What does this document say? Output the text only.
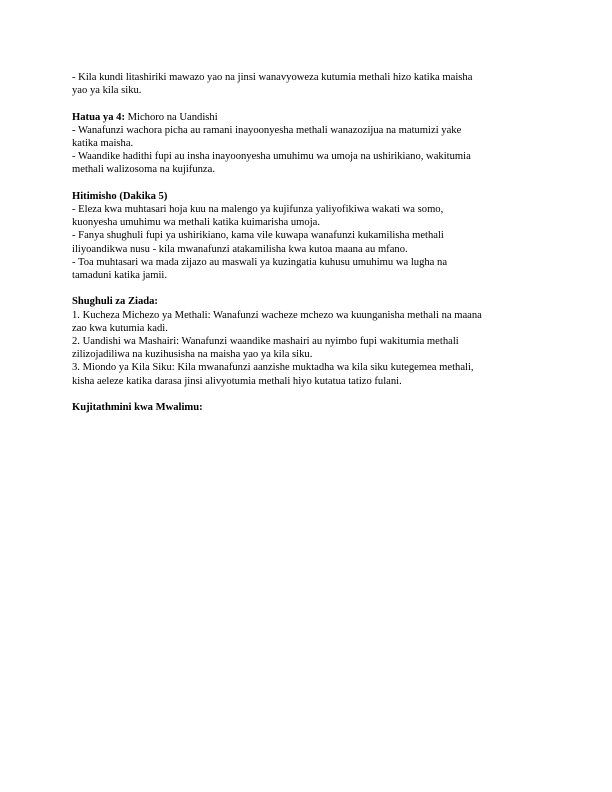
- Kila kundi litashiriki mawazo yao na jinsi wanavyoweza kutumia methali hizo katika maisha
yao ya kila siku.

Hatua ya 4: Michoro na Uandishi
- Wanafunzi wachora picha au ramani inayoonyesha methali wanazozijua na matumizi yake
katika maisha.
- Waandike hadithi fupi au insha inayoonyesha umuhimu wa umoja na ushirikiano, wakitumia
methali walizosoma na kujifunza.

Hitimisho (Dakika 5)
- Eleza kwa muhtasari hoja kuu na malengo ya kujifunza yaliyofikiwa wakati wa somo,
kuonyesha umuhimu wa methali katika kuimarisha umoja.
- Fanya shughuli fupi ya ushirikiano, kama vile kuwapa wanafunzi kukamilisha methali
iliyoandikwa nusu - kila mwanafunzi atakamilisha kwa kutoa maana au mfano.
- Toa muhtasari wa mada zijazo au maswali ya kuzingatia kuhusu umuhimu wa lugha na
tamaduni katika jamii.

Shughuli za Ziada:
1. Kucheza Michezo ya Methali: Wanafunzi wacheze mchezo wa kuunganisha methali na maana
zao kwa kutumia kadi.
2. Uandishi wa Mashairi: Wanafunzi waandike mashairi au nyimbo fupi wakitumia methali
zilizojadiliwa na kuzihusisha na maisha yao ya kila siku.
3. Miondo ya Kila Siku: Kila mwanafunzi aanzishe muktadha wa kila siku kutegemea methali,
kisha aeleze katika darasa jinsi alivyotumia methali hiyo kutatua tatizo fulani.

Kujitathmini kwa Mwalimu:
